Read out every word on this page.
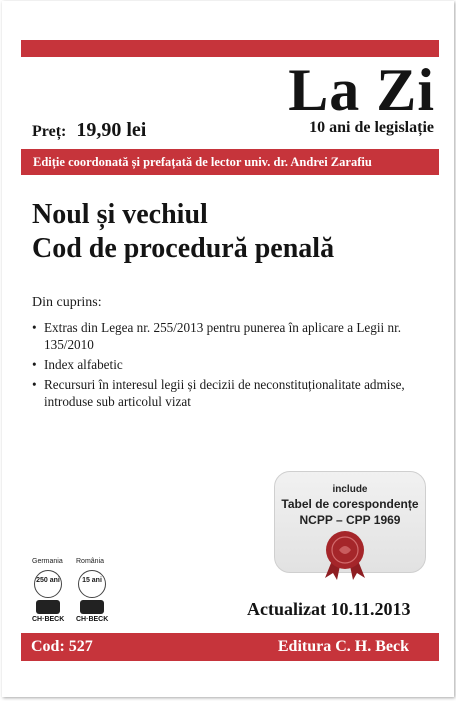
La Zi
10 ani de legislație
Preț: 19,90 lei
Ediție coordonată și prefațată de lector univ. dr. Andrei Zarafiu
Noul și vechiul
Cod de procedură penală
Din cuprins:
• Extras din Legea nr. 255/2013 pentru punerea în aplicare a Legii nr. 135/2010
• Index alfabetic
• Recursuri în interesul legii și decizii de neconstituționalitate admise, introduse sub articolul vizat
include
Tabel de corespondențe
NCPP – CPP 1969
Germania
250 ani
CH·BECK
România
15 ani
CH·BECK
Actualizat 10.11.2013
Cod: 527	Editura C. H. Beck
